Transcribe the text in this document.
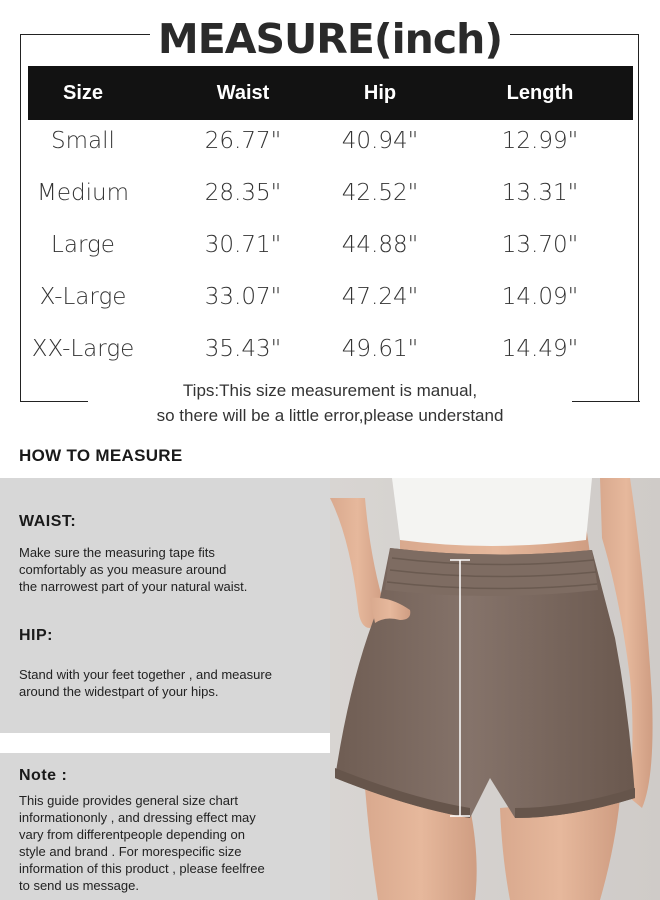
MEASURE(inch)
Size	Waist	Hip	Length
Small	26.77"	40.94"	12.99"
Medium	28.35"	42.52"	13.31"
Large	30.71"	44.88"	13.70"
X-Large	33.07"	47.24"	14.09"
XX-Large	35.43"	49.61"	14.49"
Tips:This size measurement is manual,
so there will be a little error,please understand
HOW TO MEASURE
WAIST:
Make sure the measuring tape fits
comfortably as you measure around
the narrowest part of your natural waist.
HIP:
Stand with your feet together , and measure
around the widestpart of your hips.
Note :
This guide provides general size chart
informationonly , and dressing effect may
vary from differentpeople depending on
style and brand . For morespecific size
information of this product , please feelfree
to send us message.
